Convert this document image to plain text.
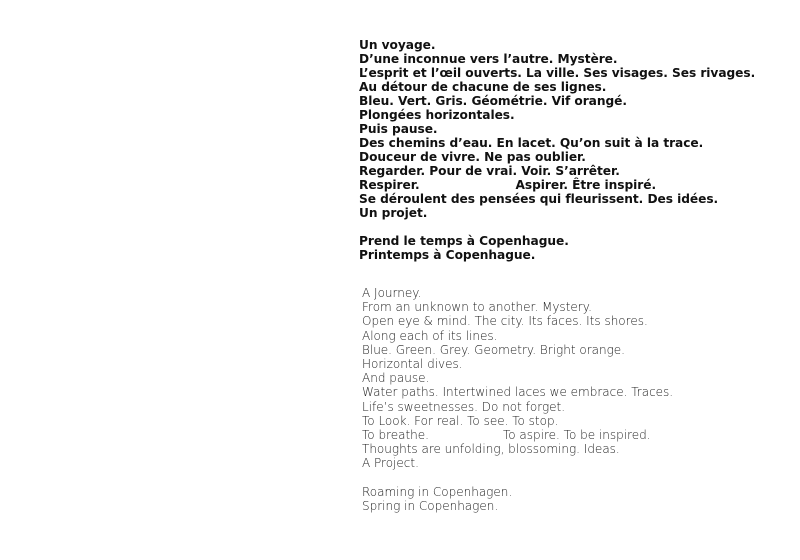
Un voyage.
D’une inconnue vers l’autre. Mystère.
L’esprit et l’œil ouverts. La ville. Ses visages. Ses rivages.
Au détour de chacune de ses lignes.
Bleu. Vert. Gris. Géométrie. Vif orangé.
Plongées horizontales.
Puis pause.
Des chemins d’eau. En lacet. Qu’on suit à la trace.
Douceur de vivre. Ne pas oublier.
Regarder. Pour de vrai. Voir. S’arrêter.
Respirer.	Aspirer. Être inspiré.
Se déroulent des pensées qui fleurissent. Des idées.
Un projet.
Prend le temps à Copenhague.
Printemps à Copenhague.
A Journey.
From an unknown to another. Mystery.
Open eye & mind. The city. Its faces. Its shores.
Along each of its lines.
Blue. Green. Grey. Geometry. Bright orange.
Horizontal dives.
And pause.
Water paths. Intertwined laces we embrace. Traces.
Life’s sweetnesses. Do not forget.
To Look. For real. To see. To stop.
To breathe.	To aspire. To be inspired.
Thoughts are unfolding, blossoming. Ideas.
A Project.
Roaming in Copenhagen.
Spring in Copenhagen.
